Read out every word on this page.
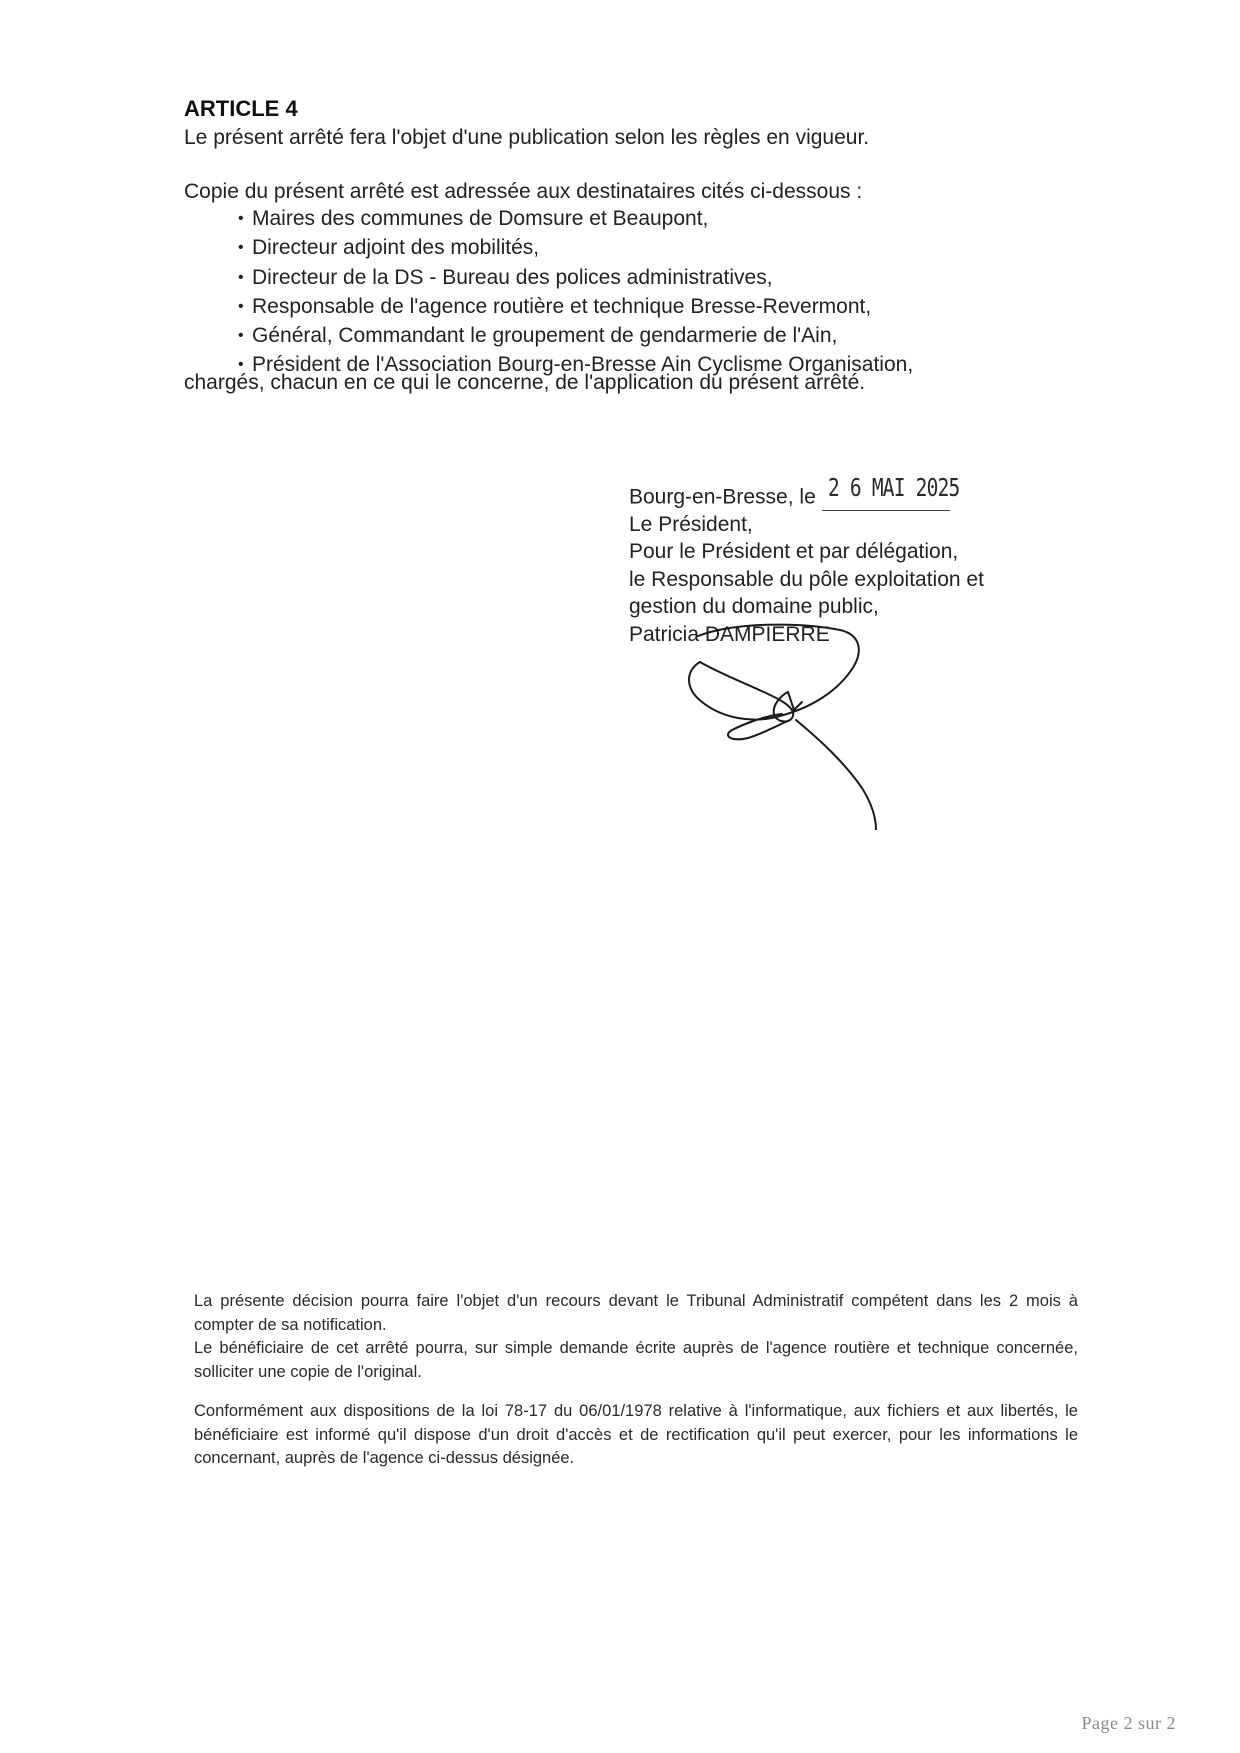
ARTICLE 4
Le présent arrêté fera l'objet d'une publication selon les règles en vigueur.
Copie du présent arrêté est adressée aux destinataires cités ci-dessous :
• Maires des communes de Domsure et Beaupont,
• Directeur adjoint des mobilités,
• Directeur de la DS - Bureau des polices administratives,
• Responsable de l'agence routière et technique Bresse-Revermont,
• Général, Commandant le groupement de gendarmerie de l'Ain,
• Président de l'Association Bourg-en-Bresse Ain Cyclisme Organisation,
chargés, chacun en ce qui le concerne, de l'application du présent arrêté.
Bourg-en-Bresse, le 2 6 MAI 2025
Le Président,
Pour le Président et par délégation,
le Responsable du pôle exploitation et
gestion du domaine public,
Patricia DAMPIERRE

La présente décision pourra faire l'objet d'un recours devant le Tribunal Administratif compétent dans les 2 mois à compter de sa notification.

Le bénéficiaire de cet arrêté pourra, sur simple demande écrite auprès de l'agence routière et technique concernée, solliciter une copie de l'original.

Conformément aux dispositions de la loi 78-17 du 06/01/1978 relative à l'informatique, aux fichiers et aux libertés, le bénéficiaire est informé qu'il dispose d'un droit d'accès et de rectification qu'il peut exercer, pour les informations le concernant, auprès de l'agence ci-dessus désignée.

Page 2 sur 2
